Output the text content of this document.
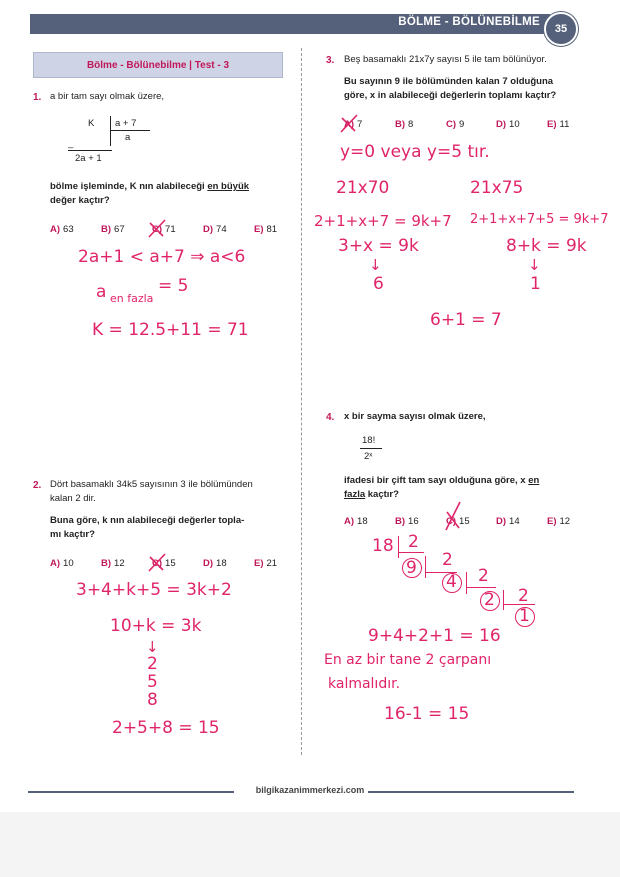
BÖLME - BÖLÜNEBİLME
35
Bölme - Bölünebilme | Test - 3
1. a bir tam sayı olmak üzere,
K a + 7
a
–
2a + 1
bölme işleminde, K nın alabileceği en büyük
değer kaçtır?
A) 63	B) 67	C) 71	D) 74	E) 81
2a+1 < a+7 ⇒ a<6
a en fazla
= 5
K = 12.5+11 = 71
2. Dört basamaklı 34k5 sayısının 3 ile bölümünden
kalan 2 dir.
Buna göre, k nın alabileceği değerler topla-
mı kaçtır?
A) 10	B) 12	C) 15	D) 18	E) 21
3+4+k+5 = 3k+2
10+k = 3k
↓
2
5
8
2+5+8 = 15
3. Beş basamaklı 21x7y sayısı 5 ile tam bölünüyor.
Bu sayının 9 ile bölümünden kalan 7 olduğuna
göre, x in alabileceği değerlerin toplamı kaçtır?
A) 7	B) 8	C) 9	D) 10	E) 11
y=0 veya y=5 tır.
21x70	21x75
2+1+x+7 = 9k+7 2+1+x+7+5 = 9k+7
3+x = 9k	8+k = 9k
↓
6
↓
1
6+1 = 7
4. x bir sayma sayısı olmak üzere,
18!
2ˣ
ifadesi bir çift tam sayı olduğuna göre, x en
fazla kaçtır?
A) 18	B) 16	C) 15	D) 14	E) 12
18 2
9 2
4 2
2 2
1
9+4+2+1 = 16
En az bir tane 2 çarpanı
kalmalıdır.
16-1 = 15
bilgikazanimmerkezi.com
